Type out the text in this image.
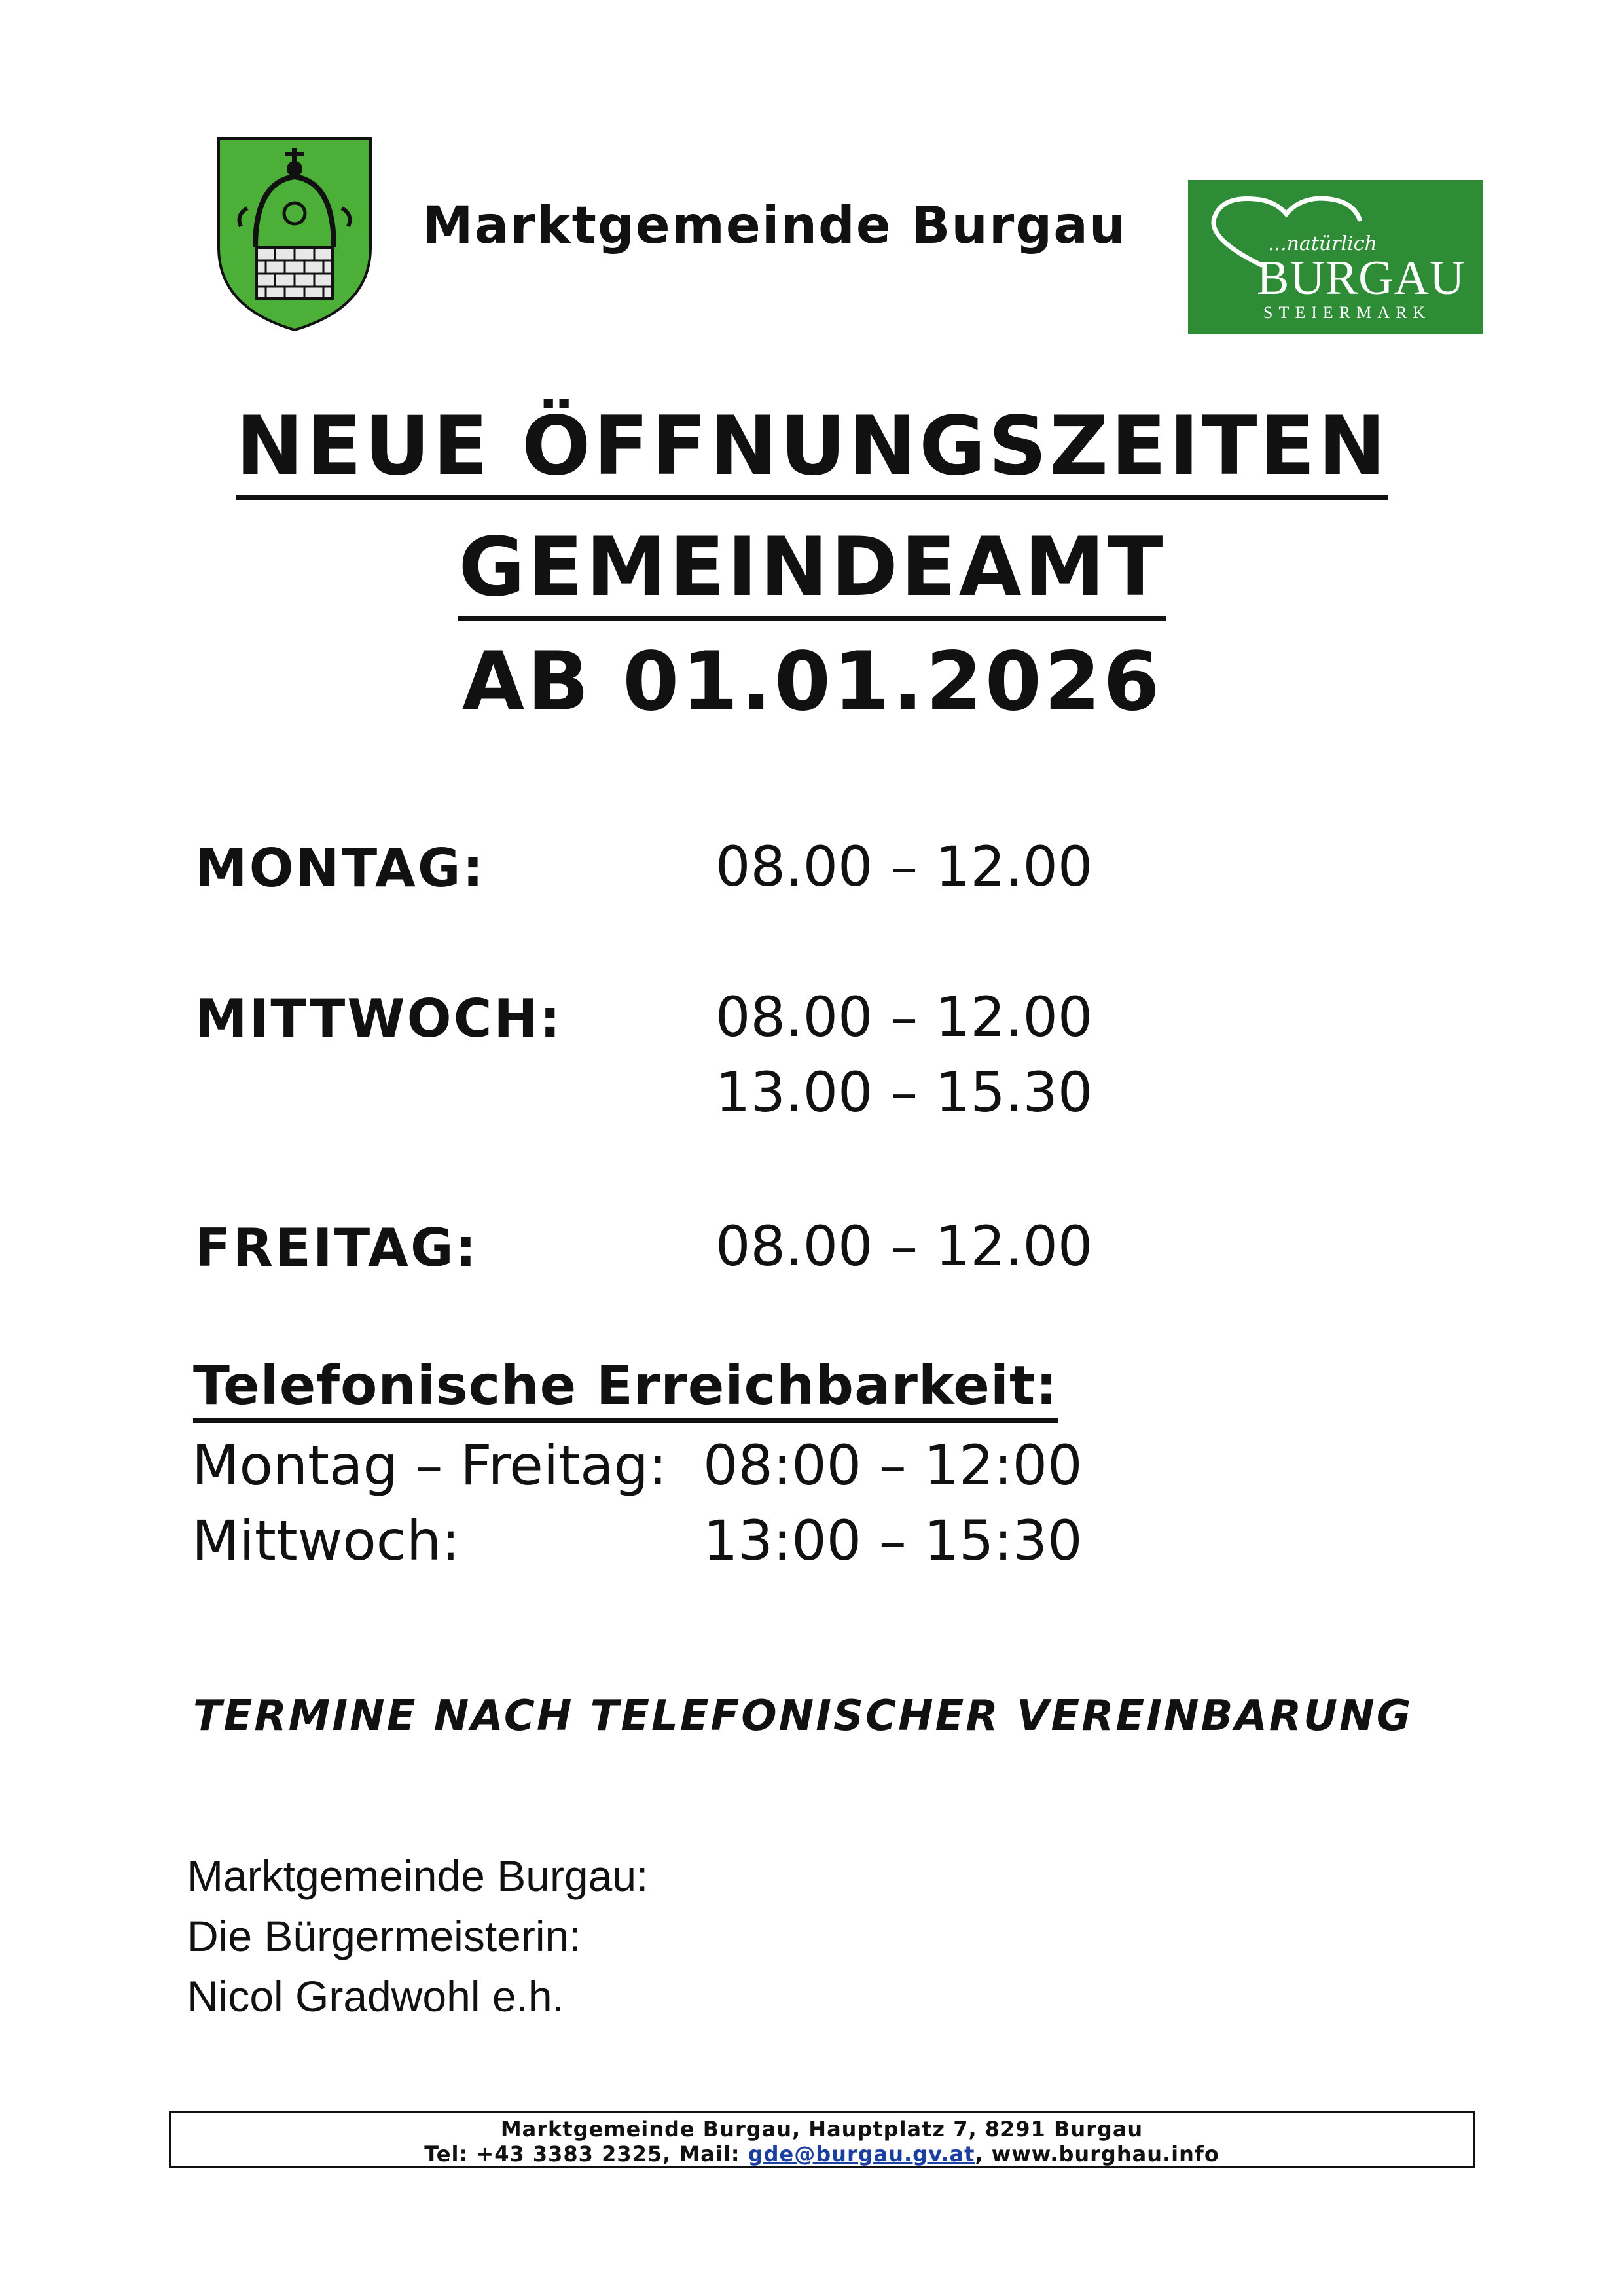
Marktgemeinde Burgau	...natürlich
BURGAU
STEIERMARK
NEUE ÖFFNUNGSZEITEN
GEMEINDEAMT
AB 01.01.2026
MONTAG:	08.00 – 12.00
MITTWOCH:	08.00 – 12.00
13.00 – 15.30
FREITAG:	08.00 – 12.00
Telefonische Erreichbarkeit:
Montag – Freitag: 08:00 – 12:00
Mittwoch:	13:00 – 15:30
TERMINE NACH TELEFONISCHER VEREINBARUNG
Marktgemeinde Burgau:
Die Bürgermeisterin:
Nicol Gradwohl e.h.
Marktgemeinde Burgau, Hauptplatz 7, 8291 Burgau
Tel: +43 3383 2325, Mail: gde@burgau.gv.at, www.burghau.info
